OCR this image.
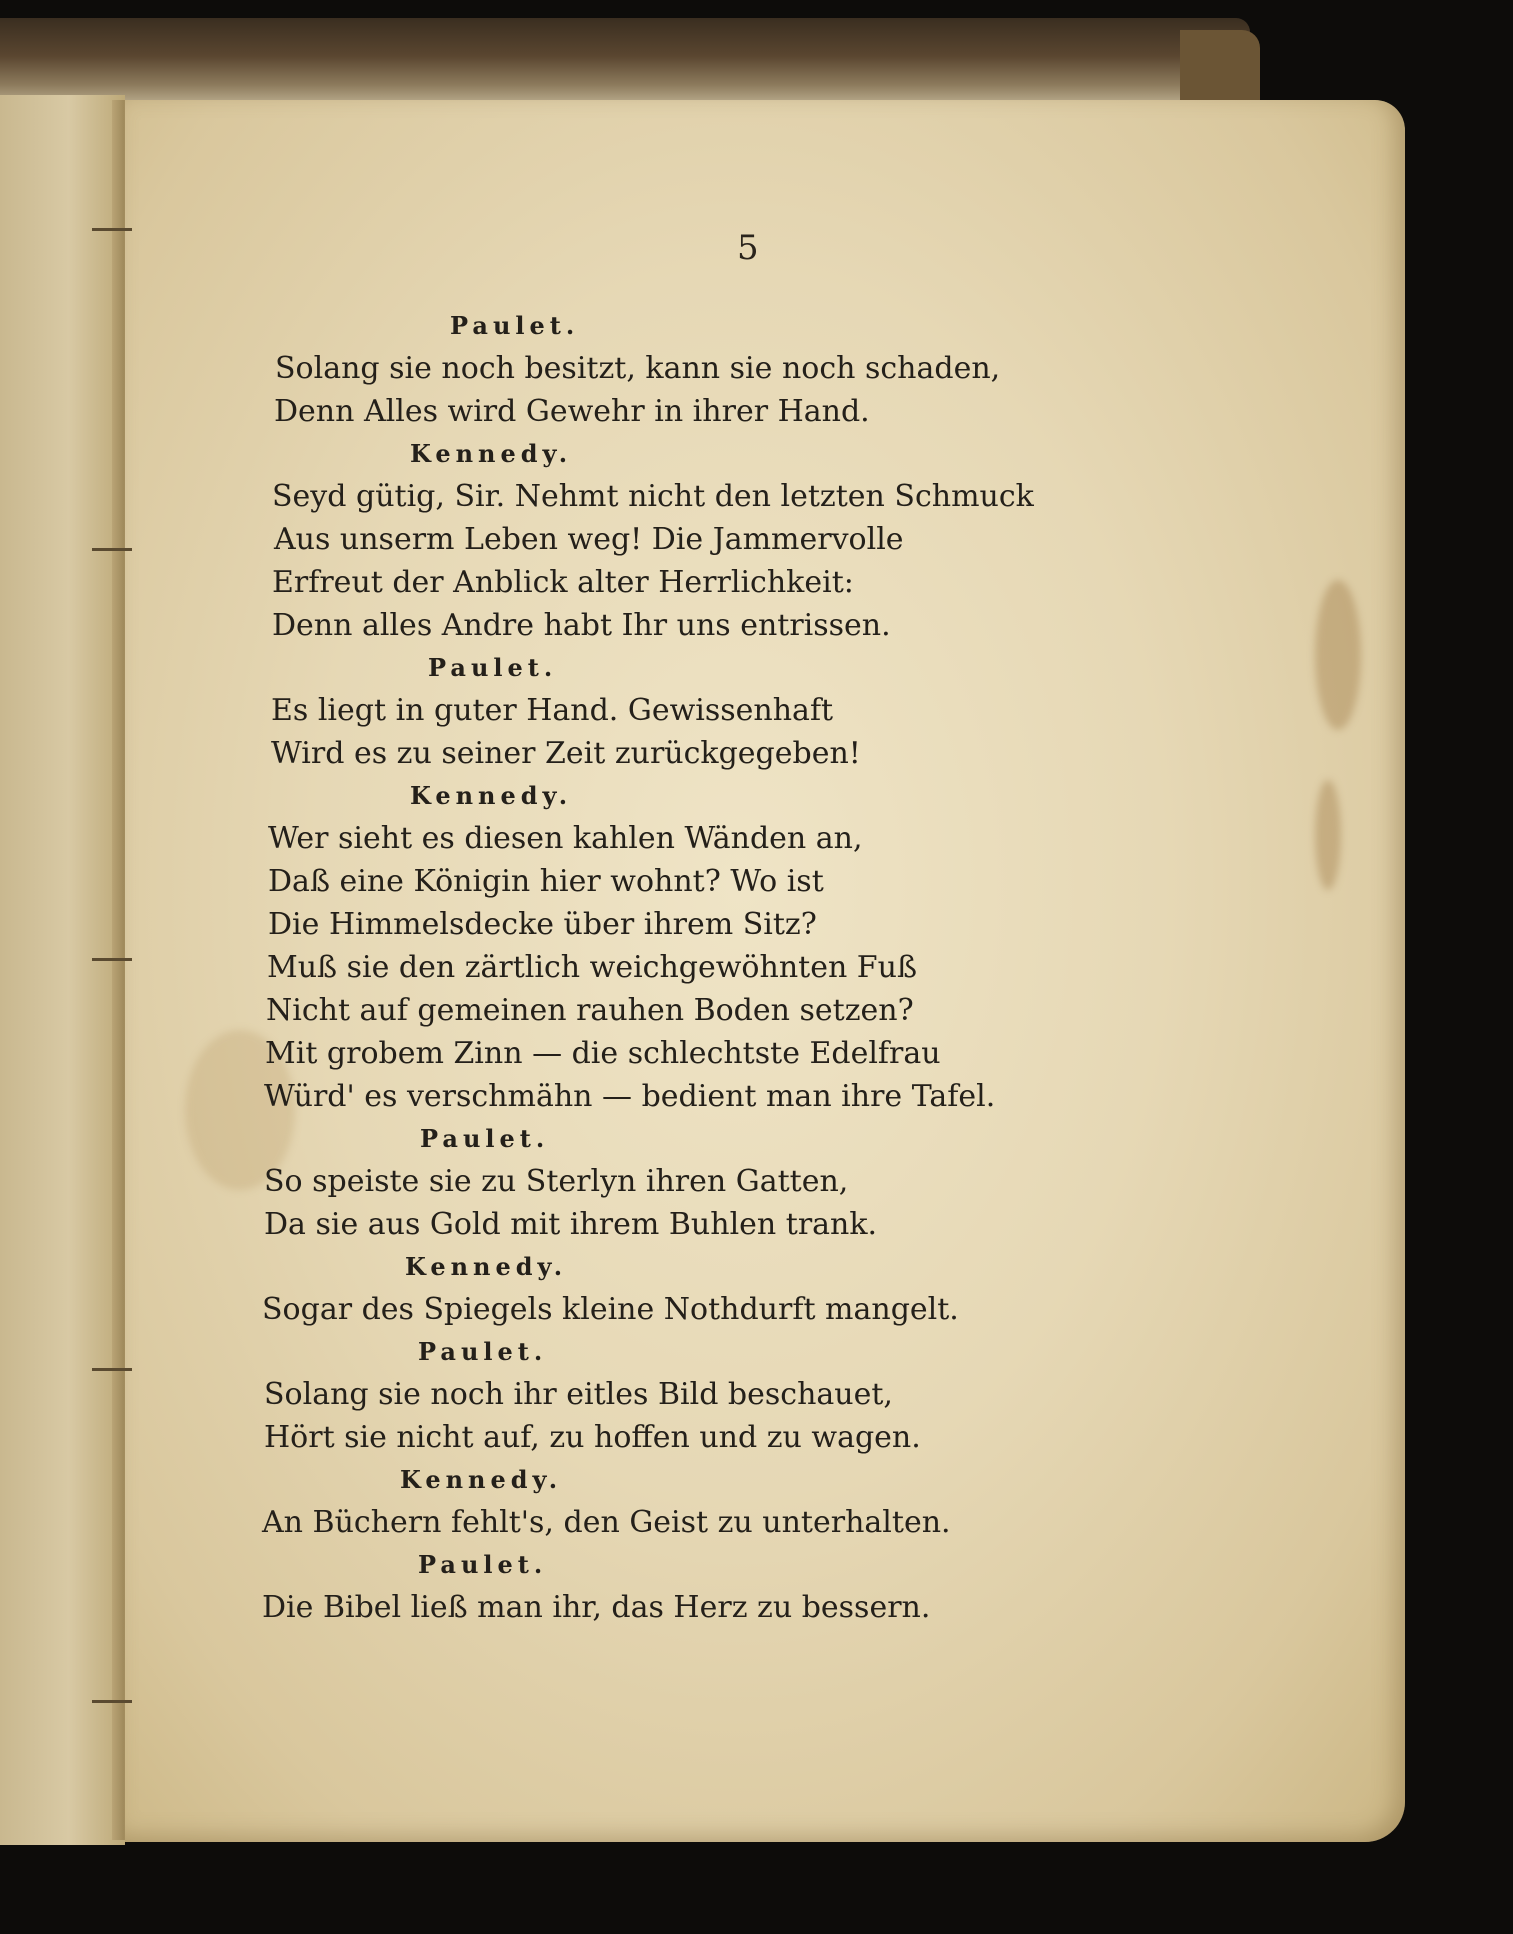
5
Paulet.
Solang sie noch besitzt, kann sie noch schaden,
Denn Alles wird Gewehr in ihrer Hand.
Kennedy.
Seyd gütig, Sir. Nehmt nicht den letzten Schmuck
Aus unserm Leben weg! Die Jammervolle
Erfreut der Anblick alter Herrlichkeit:
Denn alles Andre habt Ihr uns entrissen.
Paulet.
Es liegt in guter Hand. Gewissenhaft
Wird es zu seiner Zeit zurückgegeben!
Kennedy.
Wer sieht es diesen kahlen Wänden an,
Daß eine Königin hier wohnt? Wo ist
Die Himmelsdecke über ihrem Sitz?
Muß sie den zärtlich weichgewöhnten Fuß
Nicht auf gemeinen rauhen Boden setzen?
Mit grobem Zinn — die schlechtste Edelfrau
Würd' es verschmähn — bedient man ihre Tafel.
Paulet.
So speiste sie zu Sterlyn ihren Gatten,
Da sie aus Gold mit ihrem Buhlen trank.
Kennedy.
Sogar des Spiegels kleine Nothdurft mangelt.
Paulet.
Solang sie noch ihr eitles Bild beschauet,
Hört sie nicht auf, zu hoffen und zu wagen.
Kennedy.
An Büchern fehlt's, den Geist zu unterhalten.
Paulet.
Die Bibel ließ man ihr, das Herz zu bessern.
